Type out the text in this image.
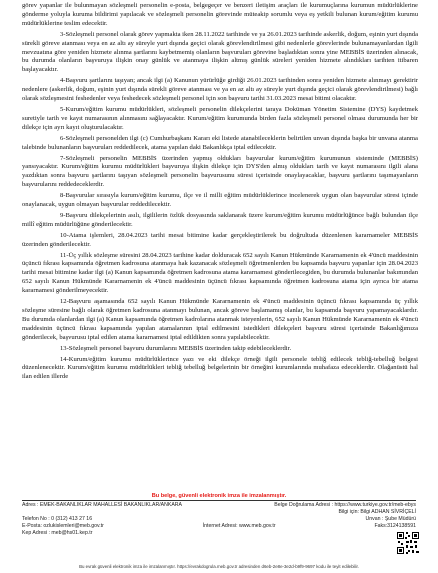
görev yapanlar ile bulunmayan sözleşmeli personelin e-posta, belgegeçer ve benzeri iletişim araçları ile kurumuçlarına kurumun müdürlüklerine gönderme yoluyla kuruma bildirimi yapılacak ve sözleşmeli personelin görevinde müteakip sorumlu veya eş yetkili bulunan kurum/eğitim kurumu müdürlüklerine teslim edecektir.

3-Sözleşmeli personel olarak görev yapmakta iken 28.11.2022 tarihinde ve ya 26.01.2023 tarihinde askerlik, doğum, eşinin yurt dışında sürekli göreve atanması veya en az altı ay süreyle yurt dışında geçici olarak görevlendirilmesi gibi nedenlerle görevlerinde bulunamayanlardan ilgili mevzuatına göre yeniden hizmete alınma şartlarını kaybetmemiş olanların başvuruları görevine başladıktan sonra yine MEBBİS üzerinden alınacak, bu durumda olanların başvuruya ilişkin onay günlük ve atanmaya ilişkin altmış günlük süreleri yeniden hizmete alındıkları tarihten itibaren başlayacaktır.

4-Başvuru şartlarını taşıyan; ancak ilgi (a) Kanunun yürürlüğe girdiği 26.01.2023 tarihinden sonra yeniden hizmete alınmayı gerektirir nedenlere (askerlik, doğum, eşinin yurt dışında sürekli göreve atanması ve ya en az altı ay süreyle yurt dışında geçici olarak görevlendirilmesi) bağlı olarak sözleşmesini feshedenler veya feshedecek sözleşmeli personel için son başvuru tarihi 31.03.2023 mesai bitimi olacaktır.

5-Kurum/eğitim kurumu müdürlükleri, sözleşmeli personelin dilekçelerini taraya Doküman Yönetim Sistemine (DYS) kaydetmek suretiyle tarih ve kayıt numarasının alınmasını sağlayacaktır. Kurum/eğitim kurumunda birden fazla sözleşmeli personel olması durumunda her bir dilekçe için ayrı kayıt oluşturulacaktır.

6-Sözleşmeli personelden ilgi (c) Cumhurbaşkanı Kararı eki listede atanabileceklerin belirtilen unvan dışında başka bir unvana atanma talebinde bulunanların başvuruları reddedilecek, atama yapılan daki Bakanlıkça iptal edilecektir.

7-Sözleşmeli personelin MEBBİS üzerinden yapmış oldukları başvurular kurum/eğitim kurumunun sisteminde (MEBBİS) yansıyacaktır. Kurum/eğitim kurumu müdürlükleri başvuruya ilişkin dilekçe için DYS'den almış oldukları tarih ve kayıt numarasını ilgili alana yazdıktan sonra başvuru şartlarını taşıyan sözleşmeli personelin başvurusunu süresi içerisinde onaylayacaklar, başvuru şartlarını taşımayanların başvurularını reddedeceklerdir.

8-Başvurular sırasıyla kurum/eğitim kurumu, ilçe ve il milli eğitim müdürlüklerince incelenerek uygun olan başvurular süresi içinde onaylanacak, uygun olmayan başvurular reddedilecektir.

9-Başvuru dilekçelerinin asılı, ilgililerin özlük dosyasında saklanarak üzere kurum/eğitim kurumu müdürlüğünce bağlı bulundan ilçe millî eğitim müdürlüğüne gönderilecektir.

10-Atama işlemleri, 28.04.2023 tarihi mesai bitimine kadar gerçekleştirilerek bu doğrultuda düzenlenen kararnameler MEBBİS üzerinden gönderilecektir.

11-Üç yıllık sözleşme süresini 28.04.2023 tarihine kadar dolduracak 652 sayılı Kanun Hükmünde Kararnamenin ek 4'üncü maddesinin üçüncü fıkrası kapsamında öğretmen kadrosuna atanmaya hak kazanacak sözleşmeli öğretmenlerden bu kapsamda başvuru yapanlar için 28.04.2023 tarihi mesai bitimine kadar ilgi (a) Kanun kapsamında öğretmen kadrosuna atama kararnamesi gönderilecegiden, bu durumda bulunanlar bakımından 652 sayılı Kanun Hükmünde Kararnamenin ek 4'üncü maddesinin üçüncü fıkrası kapsamında öğretmen kadrosuna atama için ayrıca bir atama kararnamesi gönderilmeyecektir.

12-Başvuru aşamasında 652 sayılı Kanun Hükmünde Kararnamenin ek 4'üncü maddesinin üçüncü fıkrası kapsamında üç yıllık sözleşme süresine bağlı olarak öğretmen kadrosuna atanmayı bulunan, ancak göreve başlamamış olanlar, bu kapsamda başvuru yapamayacaklardır. Bu durumda olanlardan ilgi (a) Kanun kapsamında öğretmen kadrolarına atanmak isteyenlerin, 652 sayılı Kanun Hükmünde Kararnamenin ek 4'üncü maddesinin üçüncü fıkrası kapsamında yapılan atamalarının iptal edilmesini istedikleri dilekçeleri başvuru süresi içerisinde Bakanlığımıza gönderilecek, başvurusu iptal edilen atama kararnamesi iptal edildikten sonra yapılabilecektir.

13-Sözleşmeli personel başvuru durumlarını MEBBİS üzerinden takip edebileceklerdir.

14-Kurum/eğitim kurumu müdürlüklerince yazı ve eki dilekçe örneği ilgili personele tebliğ edilecek tebliğ-tebelluğ belgesi düzenlenecektir. Kurum/eğitim kurumu müdürlükleri tebliğ tebelluğ belgelerinin bir örneğini kurumlarında muhafaza edeceklerdir. Olağanüstü hal ilan edilen illerde

Bu belge, güvenli elektronik imza ile imzalanmıştır.
Adres : EMEK-BAKANLIKLAR MAHALLESİ BAKANLIKLAR/ANKARA	Belge Doğrulama Adresi : https://www.turkiye.gov.tr/meb-ebys
Bilgi için: Bilgi ADHAN SİVRİÇELİ
Telefon No : 0 (312) 413 27 16	Unvan : Şube Müdürü
E-Posta: ozlukislemleri@meb.gov.tr	İnternet Adresi: www.meb.gov.tr	Faks:3124138591
Kep Adresi : meb@hs01.kep.tr
Bu evrak güvenli elektronik imza ile imzalanmıştır. https://evrakdogrula.meb.gov.tr adresinden d6eb-2e8e-3e2d-b9f9-9697 kodu ile teyit edilebilir.
